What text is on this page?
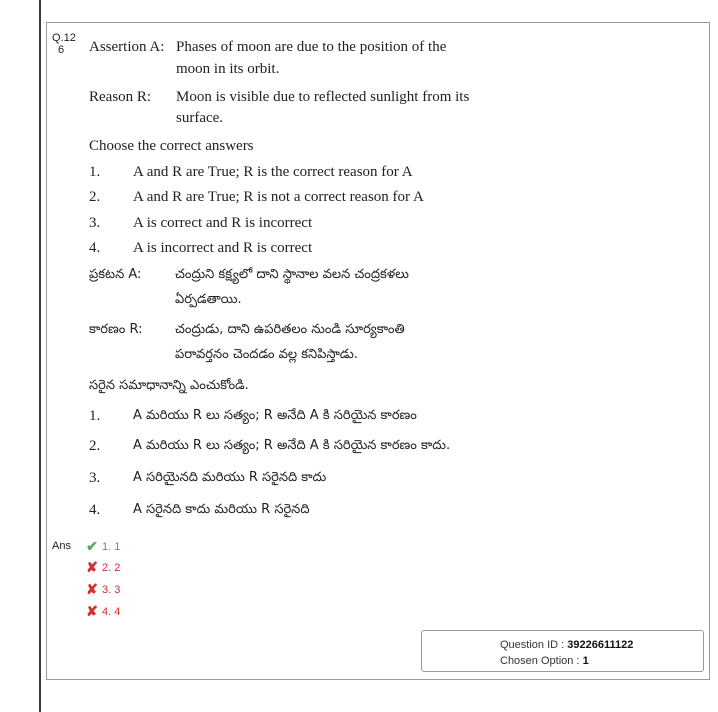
Q.12
6	Assertion A: Phases of moon are due to the position of the
moon in its orbit.
Reason R: Moon is visible due to reflected sunlight from its
surface.
Choose the correct answers
1. A and R are True; R is the correct reason for A
2. A and R are True; R is not a correct reason for A
3. A is correct and R is incorrect
4. A is incorrect and R is correct
ప్రకటన A:	చంద్రుని కక్ష్యలో దాని స్థానాల వలన చంద్రకళలు
ఏర్పడతాయి.
కారణం R:	చంద్రుడు, దాని ఉపరితలం నుండి సూర్యకాంతి
పరావర్తనం చెందడం వల్ల కనిపిస్తాడు.
సరైన సమాధానాన్ని ఎంచుకోండి.
1.	A మరియు R లు సత్యం; R అనేది A కి సరియైన కారణం
2.	A మరియు R లు సత్యం; R అనేది A కి సరియైన కారణం కాదు.
3.	A సరియైనది మరియు R సరైనది కాదు
4.	A సరైనది కాదు మరియు R సరైనది
Ans ✔ 1. 1
✘ 2. 2
✘ 3. 3
✘ 4. 4
Question ID : 39226611122
Chosen Option : 1
